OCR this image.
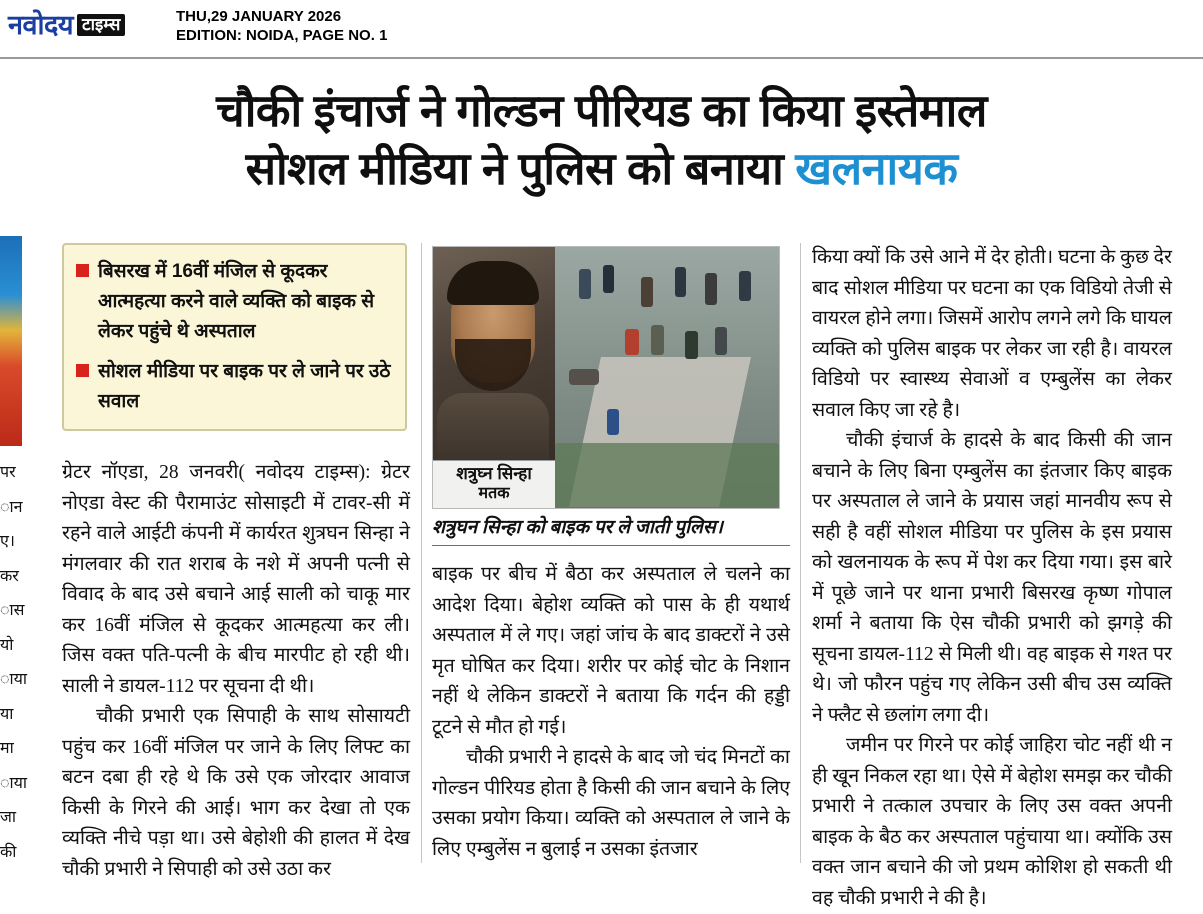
नवोदय टाइम्स	THU,29 JANUARY 2026
EDITION: NOIDA, PAGE NO. 1
चौकी इंचार्ज ने गोल्डन पीरियड का किया इस्तेमाल
सोशल मीडिया ने पुलिस को बनाया खलनायक
पर ान ए। कर ास यो ाया या मा ाया जा की
बिसरख में 16वीं मंजिल से कूदकर आत्महत्या करने वाले व्यक्ति को बाइक से लेकर पहुंचे थे अस्पताल
सोशल मीडिया पर बाइक पर ले जाने पर उठे सवाल
शत्रुघ्न सिन्हा
मतक
शत्रुघन सिन्हा को बाइक पर ले जाती पुलिस।

ग्रेटर नॉएडा, 28 जनवरी( नवोदय टाइम्स): ग्रेटर नोएडा वेस्ट की पैरामाउंट सोसाइटी में टावर-सी में रहने वाले आईटी कंपनी में कार्यरत शुत्रघन सिन्हा ने मंगलवार की रात शराब के नशे में अपनी पत्नी से विवाद के बाद उसे बचाने आई साली को चाकू मार कर 16वीं मंजिल से कूदकर आत्महत्या कर ली। जिस वक्त पति-पत्नी के बीच मारपीट हो रही थी। साली ने डायल-112 पर सूचना दी थी।

चौकी प्रभारी एक सिपाही के साथ सोसायटी पहुंच कर 16वीं मंजिल पर जाने के लिए लिफ्ट का बटन दबा ही रहे थे कि उसे एक जोरदार आवाज किसी के गिरने की आई। भाग कर देखा तो एक व्यक्ति नीचे पड़ा था। उसे बेहोशी की हालत में देख चौकी प्रभारी ने सिपाही को उसे उठा कर

बाइक पर बीच में बैठा कर अस्पताल ले चलने का आदेश दिया। बेहोश व्यक्ति को पास के ही यथार्थ अस्पताल में ले गए। जहां जांच के बाद डाक्टरों ने उसे मृत घोषित कर दिया। शरीर पर कोई चोट के निशान नहीं थे लेकिन डाक्टरों ने बताया कि गर्दन की हड्डी टूटने से मौत हो गई।

चौकी प्रभारी ने हादसे के बाद जो चंद मिनटों का गोल्डन पीरियड होता है किसी की जान बचाने के लिए उसका प्रयोग किया। व्यक्ति को अस्पताल ले जाने के लिए एम्बुलेंस न बुलाई न उसका इंतजार

किया क्यों कि उसे आने में देर होती। घटना के कुछ देर बाद सोशल मीडिया पर घटना का एक विडियो तेजी से वायरल होने लगा। जिसमें आरोप लगने लगे कि घायल व्यक्ति को पुलिस बाइक पर लेकर जा रही है। वायरल विडियो पर स्वास्थ्य सेवाओं व एम्बुलेंस का लेकर सवाल किए जा रहे है।

चौकी इंचार्ज के हादसे के बाद किसी की जान बचाने के लिए बिना एम्बुलेंस का इंतजार किए बाइक पर अस्पताल ले जाने के प्रयास जहां मानवीय रूप से सही है वहीं सोशल मीडिया पर पुलिस के इस प्रयास को खलनायक के रूप में पेश कर दिया गया। इस बारे में पूछे जाने पर थाना प्रभारी बिसरख कृष्ण गोपाल शर्मा ने बताया कि ऐस चौकी प्रभारी को झगड़े की सूचना डायल-112 से मिली थी। वह बाइक से गश्त पर थे। जो फौरन पहुंच गए लेकिन उसी बीच उस व्यक्ति ने फ्लैट से छलांग लगा दी।

जमीन पर गिरने पर कोई जाहिरा चोट नहीं थी न ही खून निकल रहा था। ऐसे में बेहोश समझ कर चौकी प्रभारी ने तत्काल उपचार के लिए उस वक्त अपनी बाइक के बैठ कर अस्पताल पहुंचाया था। क्योंकि उस वक्त जान बचाने की जो प्रथम कोशिश हो सकती थी वह चौकी प्रभारी ने की है।
